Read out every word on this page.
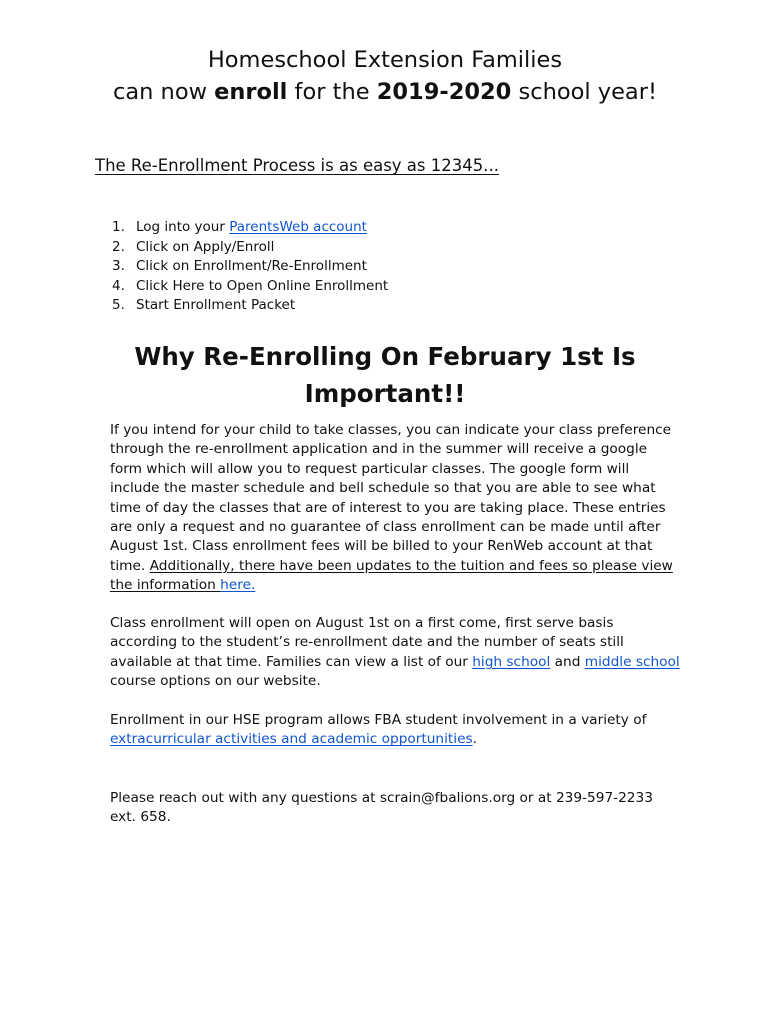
Homeschool Extension Families
can now enroll for the 2019-2020 school year!
The Re-Enrollment Process is as easy as 12345...
1. Log into your ParentsWeb account
2. Click on Apply/Enroll
3. Click on Enrollment/Re-Enrollment
4. Click Here to Open Online Enrollment
5. Start Enrollment Packet
Why Re-Enrolling On February 1st Is
Important!!

If you intend for your child to take classes, you can indicate your class preference through the re-enrollment application and in the summer will receive a google form which will allow you to request particular classes. The google form will include the master schedule and bell schedule so that you are able to see what time of day the classes that are of interest to you are taking place. These entries are only a request and no guarantee of class enrollment can be made until after August 1st. Class enrollment fees will be billed to your RenWeb account at that time. Additionally, there have been updates to the tuition and fees so please view the information here.

Class enrollment will open on August 1st on a first come, first serve basis according to the student’s re-enrollment date and the number of seats still available at that time. Families can view a list of our high school and middle school course options on our website.

Enrollment in our HSE program allows FBA student involvement in a variety of extracurricular activities and academic opportunities.

Please reach out with any questions at scrain@fbalions.org or at 239-597-2233 ext. 658.
